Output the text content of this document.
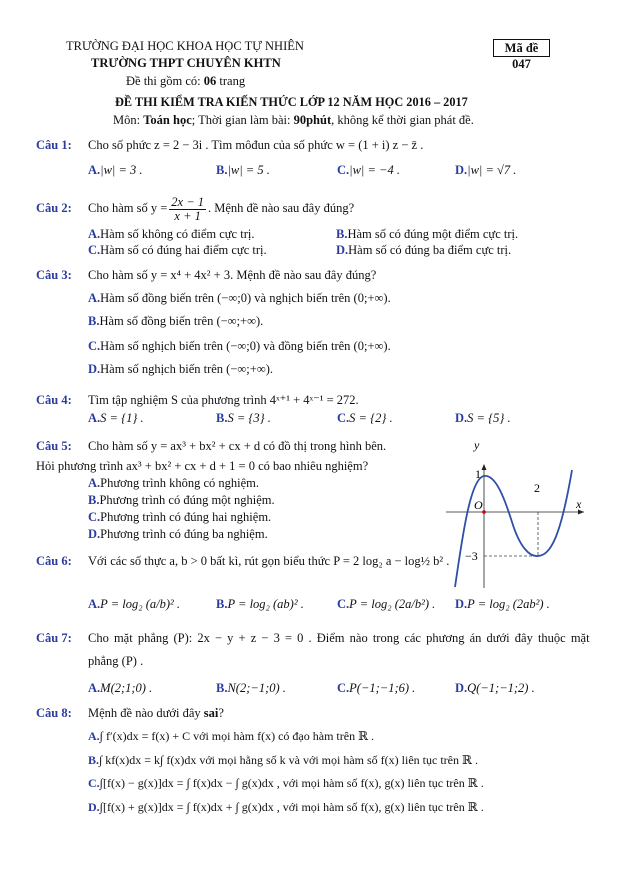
TRƯỜNG ĐẠI HỌC KHOA HỌC TỰ NHIÊN	Mã đề 047
TRƯỜNG THPT CHUYÊN KHTN
Đề thi gồm có: 06 trang
ĐỀ THI KIỂM TRA KIẾN THỨC LỚP 12 NĂM HỌC 2016 – 2017
Môn: Toán học; Thời gian làm bài: 90phút, không kể thời gian phát đề.
Câu 1: Cho số phức z = 2 − 3i . Tìm môđun của số phức w = (1 + i) z − z̄ .
A.|w| = 3 .	B.|w| = 5 .	C.|w| = −4 .	D.|w| = √7 .
Câu 2: Cho hàm số $y = \frac{2x - 1}{x + 1}$ . Mệnh đề nào sau đây đúng?
A.Hàm số không có điểm cực trị.	B.Hàm số có đúng một điểm cực trị.
C.Hàm số có đúng hai điểm cực trị.	D.Hàm số có đúng ba điểm cực trị.
Câu 3: Cho hàm số y = x⁴ + 4x² + 3. Mệnh đề nào sau đây đúng?
A.Hàm số đồng biến trên (−∞;0) và nghịch biến trên (0;+∞).
B.Hàm số đồng biến trên (−∞;+∞).
C.Hàm số nghịch biến trên (−∞;0) và đồng biến trên (0;+∞).
D.Hàm số nghịch biến trên (−∞;+∞).
Câu 4: Tìm tập nghiệm S của phương trình 4ˣ⁺¹ + 4ˣ⁻¹ = 272.
A.S = {1} .	B.S = {3} .	C.S = {2} .	D.S = {5} .
Câu 5: Cho hàm số y = ax³ + bx² + cx + d có đồ thị trong hình bên.
Hỏi phương trình ax³ + bx² + cx + d + 1 = 0 có bao nhiêu nghiệm?
A.Phương trình không có nghiệm.
B.Phương trình có đúng một nghiệm.
C.Phương trình có đúng hai nghiệm.
D.Phương trình có đúng ba nghiệm.
y
x
O
1
2
−3
Câu 6: Với các số thực a, b > 0 bất kì, rút gọn biểu thức P = 2 log₂ a − log½ b² .
A.P = log₂ (a/b)² .	B.P = log₂ (ab)² .	C.P = log₂ (2a/b²) . D.P = log₂ (2ab²) .
Câu 7: Cho mặt phẳng (P): 2x − y + z − 3 = 0 . Điểm nào trong các phương án dưới đây thuộc mặt
phẳng (P) .
A.M(2;1;0) .	B.N(2;−1;0) .	C.P(−1;−1;6) .	D.Q(−1;−1;2) .
Câu 8: Mệnh đề nào dưới đây sai?
A.∫ f′(x)dx = f(x) + C với mọi hàm f(x) có đạo hàm trên ℝ .
B.∫ kf(x)dx = k∫ f(x)dx với mọi hằng số k và với mọi hàm số f(x) liên tục trên ℝ .
C.∫[f(x) − g(x)]dx = ∫ f(x)dx − ∫ g(x)dx , với mọi hàm số f(x), g(x) liên tục trên ℝ .
D.∫[f(x) + g(x)]dx = ∫ f(x)dx + ∫ g(x)dx , với mọi hàm số f(x), g(x) liên tục trên ℝ .
